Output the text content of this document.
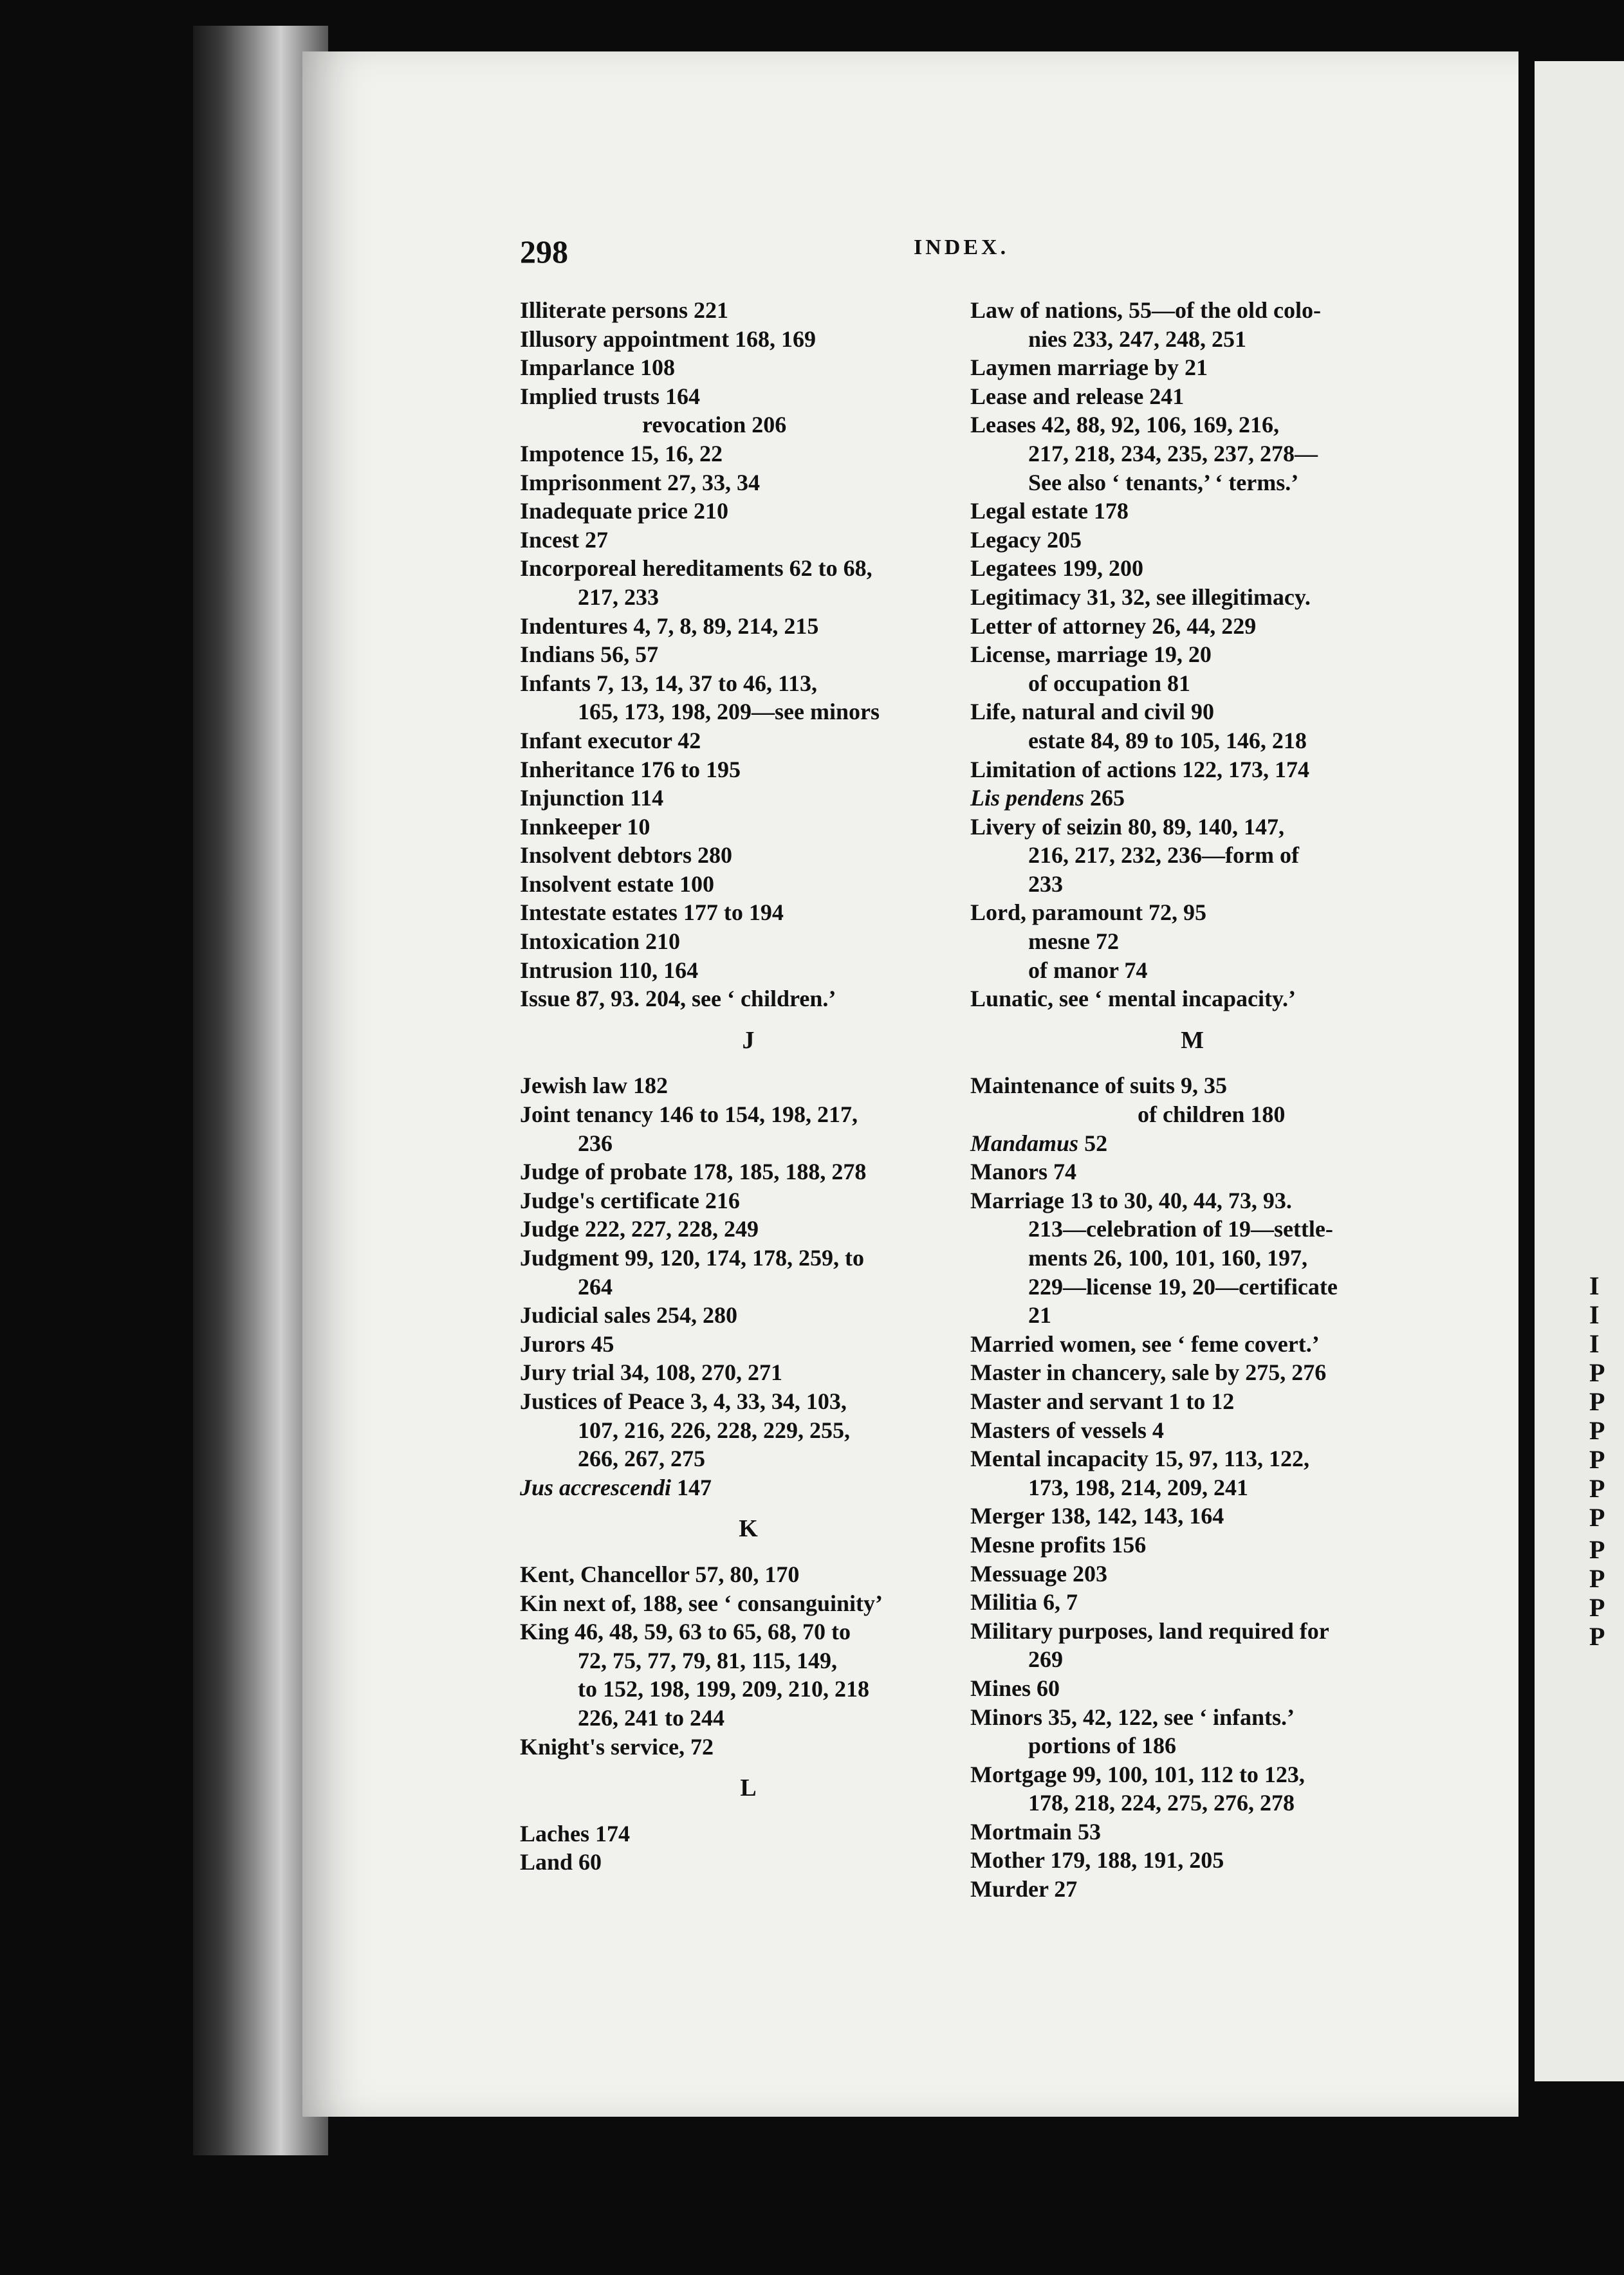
I
I
I
P
P
P
P
P
P
P
P
P
P
298	INDEX.
Illiterate persons 221
Illusory appointment 168, 169
Imparlance 108
Implied trusts 164
revocation 206
Impotence 15, 16, 22
Imprisonment 27, 33, 34
Inadequate price 210
Incest 27
Incorporeal hereditaments 62 to 68,
217, 233
Indentures 4, 7, 8, 89, 214, 215
Indians 56, 57
Infants 7, 13, 14, 37 to 46, 113,
165, 173, 198, 209—see minors
Infant executor 42
Inheritance 176 to 195
Injunction 114
Innkeeper 10
Insolvent debtors 280
Insolvent estate 100
Intestate estates 177 to 194
Intoxication 210
Intrusion 110, 164
Issue 87, 93. 204, see ‘ children.’
J
Jewish law 182
Joint tenancy 146 to 154, 198, 217,
236
Judge of probate 178, 185, 188, 278
Judge's certificate 216
Judge 222, 227, 228, 249
Judgment 99, 120, 174, 178, 259, to
264
Judicial sales 254, 280
Jurors 45
Jury trial 34, 108, 270, 271
Justices of Peace 3, 4, 33, 34, 103,
107, 216, 226, 228, 229, 255,
266, 267, 275
Jus accrescendi 147
K
Kent, Chancellor 57, 80, 170
Kin next of, 188, see ‘ consanguinity’
King 46, 48, 59, 63 to 65, 68, 70 to
72, 75, 77, 79, 81, 115, 149,
to 152, 198, 199, 209, 210, 218
226, 241 to 244
Knight's service, 72
L
Laches 174
Land 60
Law of nations, 55—of the old colo-
nies 233, 247, 248, 251
Laymen marriage by 21
Lease and release 241
Leases 42, 88, 92, 106, 169, 216,
217, 218, 234, 235, 237, 278—
See also ‘ tenants,’ ‘ terms.’
Legal estate 178
Legacy 205
Legatees 199, 200
Legitimacy 31, 32, see illegitimacy.
Letter of attorney 26, 44, 229
License, marriage 19, 20
of occupation 81
Life, natural and civil 90
estate 84, 89 to 105, 146, 218
Limitation of actions 122, 173, 174
Lis pendens 265
Livery of seizin 80, 89, 140, 147,
216, 217, 232, 236—form of
233
Lord, paramount 72, 95
mesne 72
of manor 74
Lunatic, see ‘ mental incapacity.’
M
Maintenance of suits 9, 35
of children 180
Mandamus 52
Manors 74
Marriage 13 to 30, 40, 44, 73, 93.
213—celebration of 19—settle-
ments 26, 100, 101, 160, 197,
229—license 19, 20—certificate
21
Married women, see ‘ feme covert.’
Master in chancery, sale by 275, 276
Master and servant 1 to 12
Masters of vessels 4
Mental incapacity 15, 97, 113, 122,
173, 198, 214, 209, 241
Merger 138, 142, 143, 164
Mesne profits 156
Messuage 203
Militia 6, 7
Military purposes, land required for
269
Mines 60
Minors 35, 42, 122, see ‘ infants.’
portions of 186
Mortgage 99, 100, 101, 112 to 123,
178, 218, 224, 275, 276, 278
Mortmain 53
Mother 179, 188, 191, 205
Murder 27
